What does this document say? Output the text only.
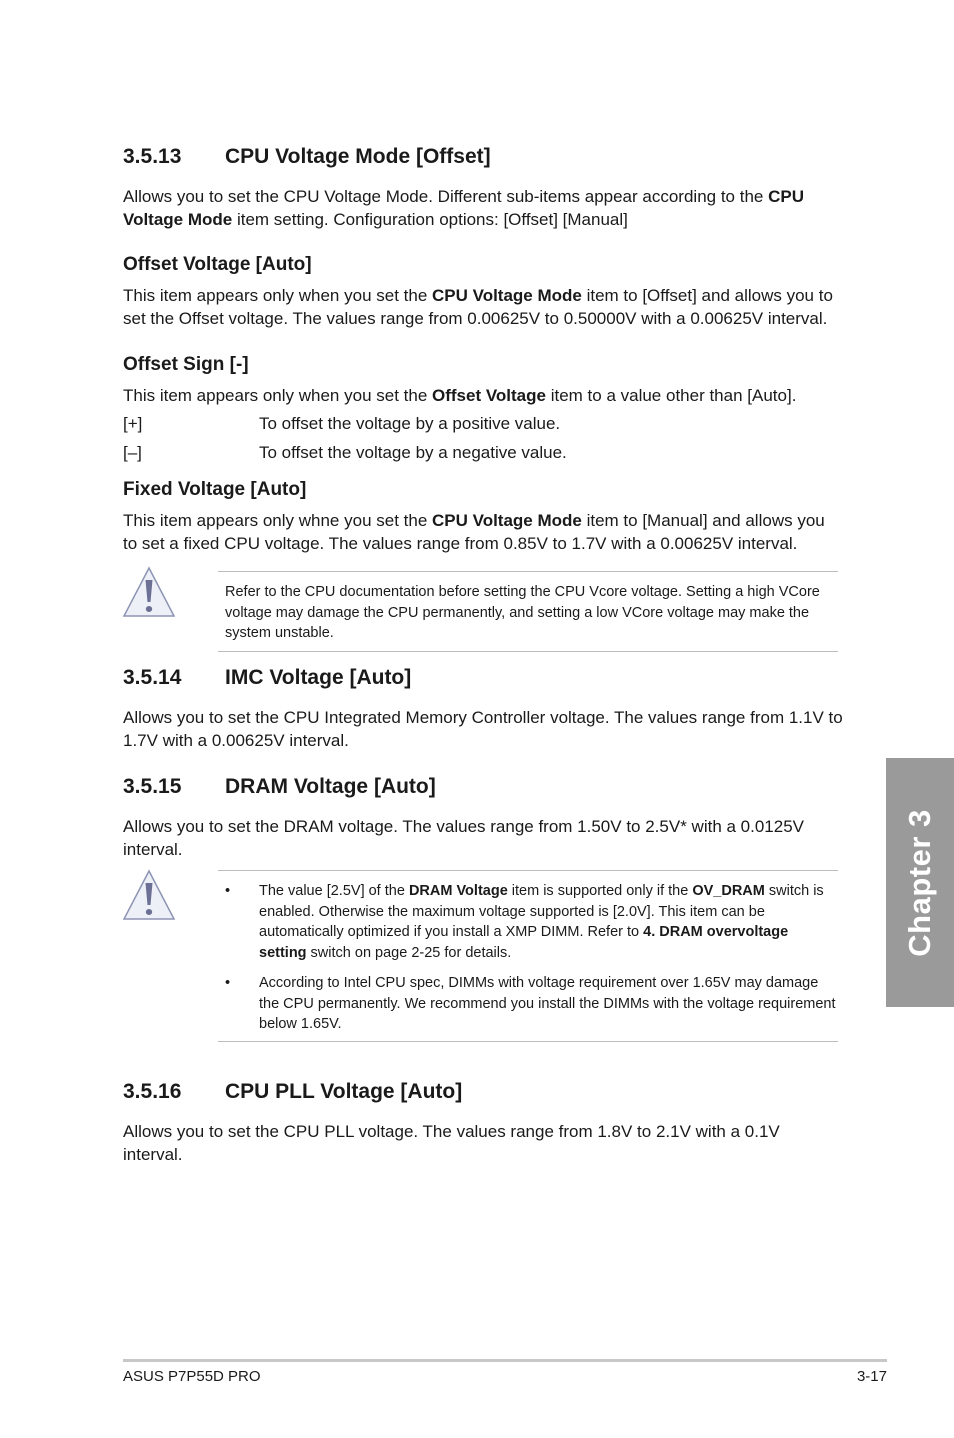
3.5.13 CPU Voltage Mode [Offset]

Allows you to set the CPU Voltage Mode. Different sub-items appear according to the CPU Voltage Mode item setting. Configuration options: [Offset] [Manual]

Offset Voltage [Auto]

This item appears only when you set the CPU Voltage Mode item to [Offset] and allows you to set the Offset voltage. The values range from 0.00625V to 0.50000V with a 0.00625V interval.

Offset Sign [-]

This item appears only when you set the Offset Voltage item to a value other than [Auto].

[+]	To offset the voltage by a positive value.
[–]	To offset the voltage by a negative value.
Fixed Voltage [Auto]

This item appears only whne you set the CPU Voltage Mode item to [Manual] and allows you to set a fixed CPU voltage. The values range from 0.85V to 1.7V with a 0.00625V interval.

Refer to the CPU documentation before setting the CPU Vcore voltage. Setting a high VCore voltage may damage the CPU permanently, and setting a low VCore voltage may make the system unstable.
3.5.14 IMC Voltage [Auto]

Allows you to set the CPU Integrated Memory Controller voltage. The values range from 1.1V to 1.7V with a 0.00625V interval.

3.5.15 DRAM Voltage [Auto]

Allows you to set the DRAM voltage. The values range from 1.50V to 2.5V* with a 0.0125V interval.

• The value [2.5V] of the DRAM Voltage item is supported only if the OV_DRAM switch is enabled. Otherwise the maximum voltage supported is [2.0V]. This item can be automatically optimized if you install a XMP DIMM. Refer to 4. DRAM overvoltage setting switch on page 2-25 for details.
• According to Intel CPU spec, DIMMs with voltage requirement over 1.65V may damage the CPU permanently. We recommend you install the DIMMs with the voltage requirement below 1.65V.
3.5.16 CPU PLL Voltage [Auto]

Allows you to set the CPU PLL voltage. The values range from 1.8V to 2.1V with a 0.1V interval.

Chapter 3
ASUS P7P55D PRO	3-17
